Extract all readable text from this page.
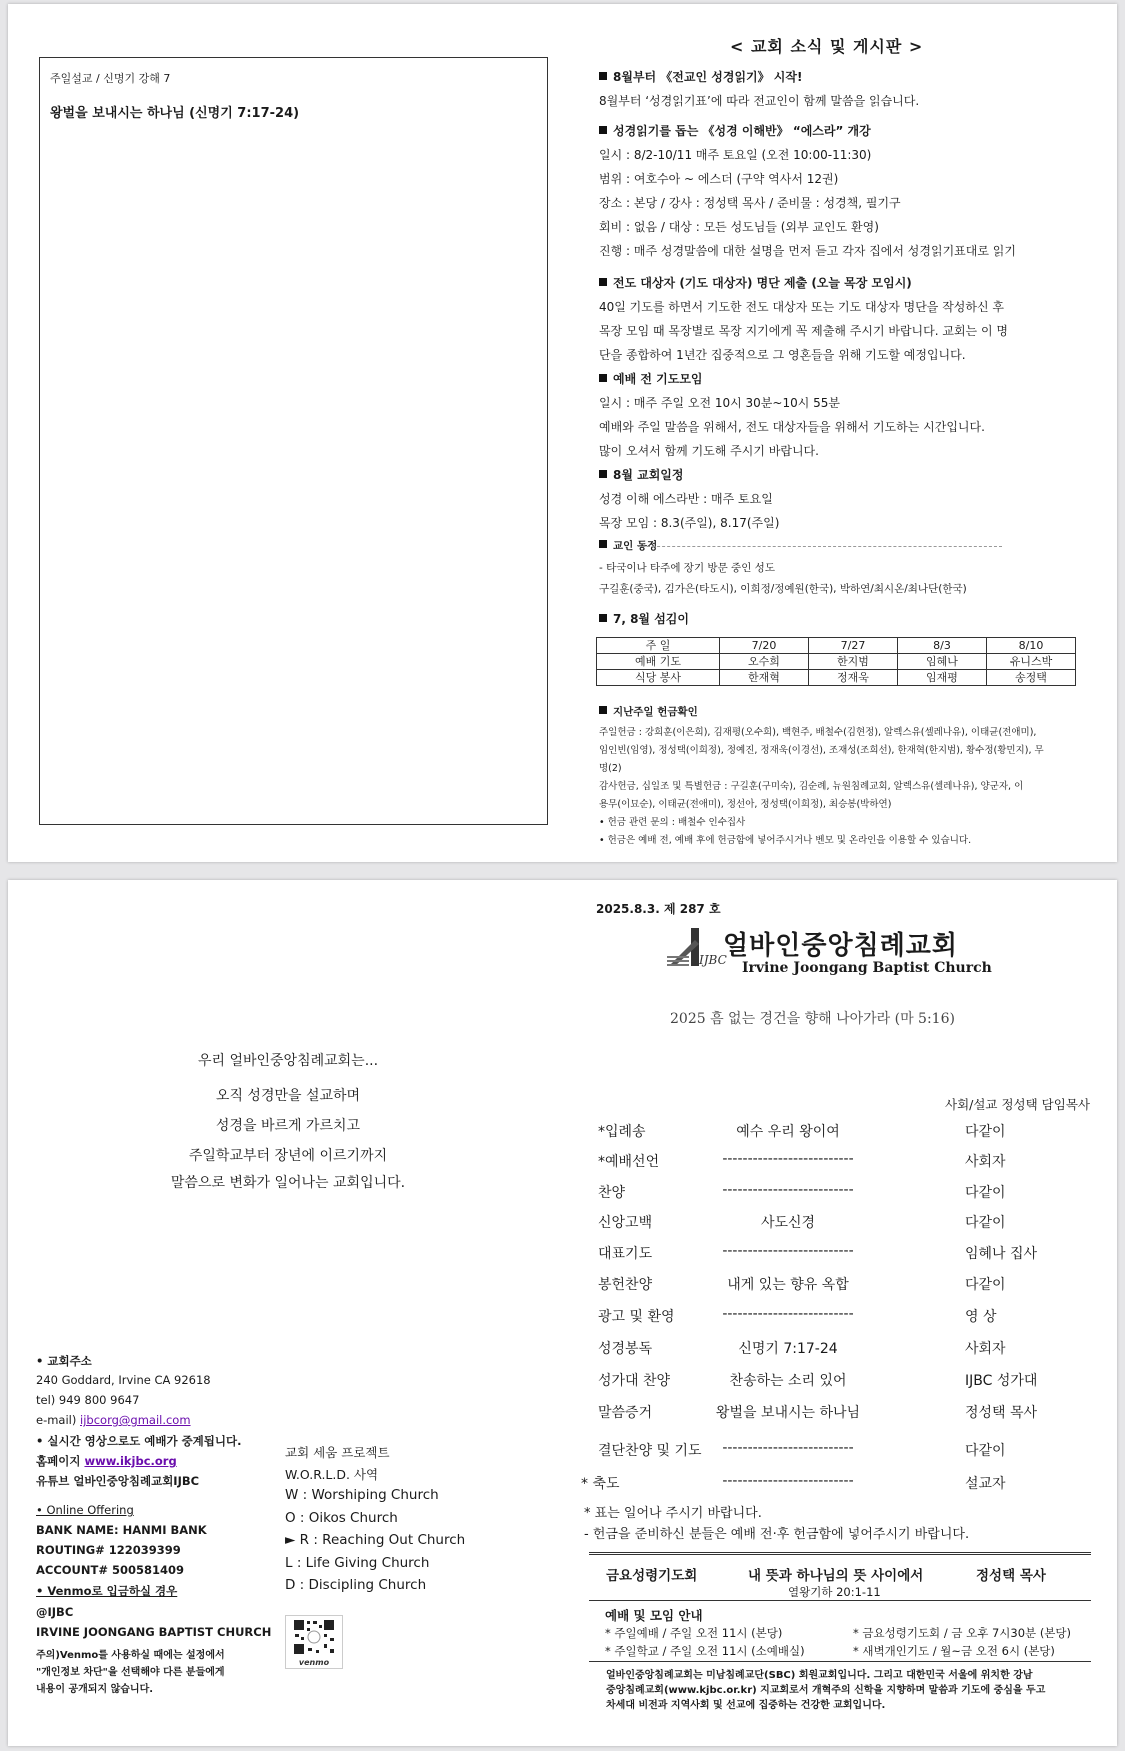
주일설교 / 신명기 강해 7
왕벌을 보내시는 하나님 (신명기 7:17-24)
< 교회 소식 및 게시판 >
8월부터 《전교인 성경읽기》 시작!
8월부터 ‘성경읽기표’에 따라 전교인이 함께 말씀을 읽습니다.
성경읽기를 돕는 《성경 이해반》 “에스라” 개강
일시 : 8/2-10/11 매주 토요일 (오전 10:00-11:30)
범위 : 여호수아 ~ 에스더 (구약 역사서 12권)
장소 : 본당 / 강사 : 정성택 목사 / 준비물 : 성경책, 필기구
회비 : 없음 / 대상 : 모든 성도님들 (외부 교인도 환영)
진행 : 매주 성경말씀에 대한 설명을 먼저 듣고 각자 집에서 성경읽기표대로 읽기
전도 대상자 (기도 대상자) 명단 제출 (오늘 목장 모임시)
40일 기도를 하면서 기도한 전도 대상자 또는 기도 대상자 명단을 작성하신 후
목장 모임 때 목장별로 목장 지기에게 꼭 제출해 주시기 바랍니다. 교회는 이 명
단을 종합하여 1년간 집중적으로 그 영혼들을 위해 기도할 예정입니다.
예배 전 기도모임
일시 : 매주 주일 오전 10시 30분~10시 55분
예배와 주일 말씀을 위해서, 전도 대상자들을 위해서 기도하는 시간입니다.
많이 오셔서 함께 기도해 주시기 바랍니다.
8월 교회일정
성경 이해 에스라반 : 매주 토요일
목장 모임 : 8.3(주일), 8.17(주일)
교인 동정
- 타국이나 타주에 장기 방문 중인 성도
구길훈(중국), 김가은(타도시), 이희정/정예원(한국), 박하연/최시온/최나단(한국)
7, 8월 섬김이
주 일	7/20	7/27	8/3	8/10
예배 기도	오수희	한지범	임혜나	유니스박
식당 봉사	한재혁	정재욱	임재평	송정택
지난주일 헌금확인
주일헌금 : 강희훈(이은희), 김재평(오수희), 백현주, 배철수(김현정), 알렉스유(셀레나유), 이태균(전애미),
임인빈(임영), 정성택(이희정), 정예진, 정재욱(이경선), 조재성(조희선), 한재혁(한지범), 황수정(황민지), 무
명(2)
감사헌금, 십일조 및 특별헌금 : 구길훈(구미숙), 김순례, 뉴원침례교회, 알렉스유(셀레나유), 양군자, 이
용무(이묘순), 이태균(전애미), 정선아, 정성택(이희정), 최승봉(박하연)
• 헌금 관련 문의 : 배철수 인수집사
• 헌금은 예배 전, 예배 후에 헌금함에 넣어주시거나 벤모 및 온라인을 이용할 수 있습니다.
2025.8.3. 제 287 호
IJBC
얼바인중앙침례교회
Irvine Joongang Baptist Church
2025 흠 없는 경건을 향해 나아가라 (마 5:16)
우리 얼바인중앙침례교회는...
오직 성경만을 설교하며
성경을 바르게 가르치고
주일학교부터 장년에 이르기까지
말씀으로 변화가 일어나는 교회입니다.
사회/설교 정성택 담임목사
*입례송	예수 우리 왕이여	다같이
*예배선언	--------------------------	사회자
찬양	--------------------------	다같이
신앙고백	사도신경	다같이
대표기도	--------------------------	임혜나 집사
봉헌찬양	내게 있는 향유 옥합	다같이
광고 및 환영	--------------------------	영 상
성경봉독	신명기 7:17-24	사회자
성가대 찬양	찬송하는 소리 있어	IJBC 성가대
말씀증거	왕벌을 보내시는 하나님	정성택 목사
결단찬양 및 기도	--------------------------	다같이
* 축도	--------------------------	설교자
* 표는 일어나 주시기 바랍니다.
- 헌금을 준비하신 분들은 예배 전·후 헌금함에 넣어주시기 바랍니다.
금요성령기도회	내 뜻과 하나님의 뜻 사이에서	정성택 목사
열왕기하 20:1-11
예배 및 모임 안내
* 주일예배 / 주일 오전 11시 (본당)	* 금요성령기도회 / 금 오후 7시30분 (본당)
* 주일학교 / 주일 오전 11시 (소예배실)	* 새벽개인기도 / 월~금 오전 6시 (본당)
얼바인중앙침례교회는 미남침례교단(SBC) 회원교회입니다. 그리고 대한민국 서울에 위치한 강남
중앙침례교회(www.kjbc.or.kr) 지교회로서 개혁주의 신학을 지향하며 말씀과 기도에 중심을 두고
차세대 비전과 지역사회 및 선교에 집중하는 건강한 교회입니다.
• 교회주소
240 Goddard, Irvine CA 92618
tel) 949 800 9647
e-mail) ijbcorg@gmail.com
• 실시간 영상으로도 예배가 중계됩니다.
홈페이지 www.ikjbc.org
유튜브 얼바인중앙침례교회IJBC
• Online Offering
BANK NAME: HANMI BANK
ROUTING# 122039399
ACCOUNT# 500581409
• Venmo로 입금하실 경우
@IJBC
IRVINE JOONGANG BAPTIST CHURCH
주의)Venmo를 사용하실 때에는 설정에서
"개인정보 차단"을 선택해야 다른 분들에게
내용이 공개되지 않습니다.
교회 세움 프로젝트
W.O.R.L.D. 사역
W : Worshiping Church
O : Oikos Church
► R : Reaching Out Church
L : Life Giving Church
D : Discipling Church
venmo
